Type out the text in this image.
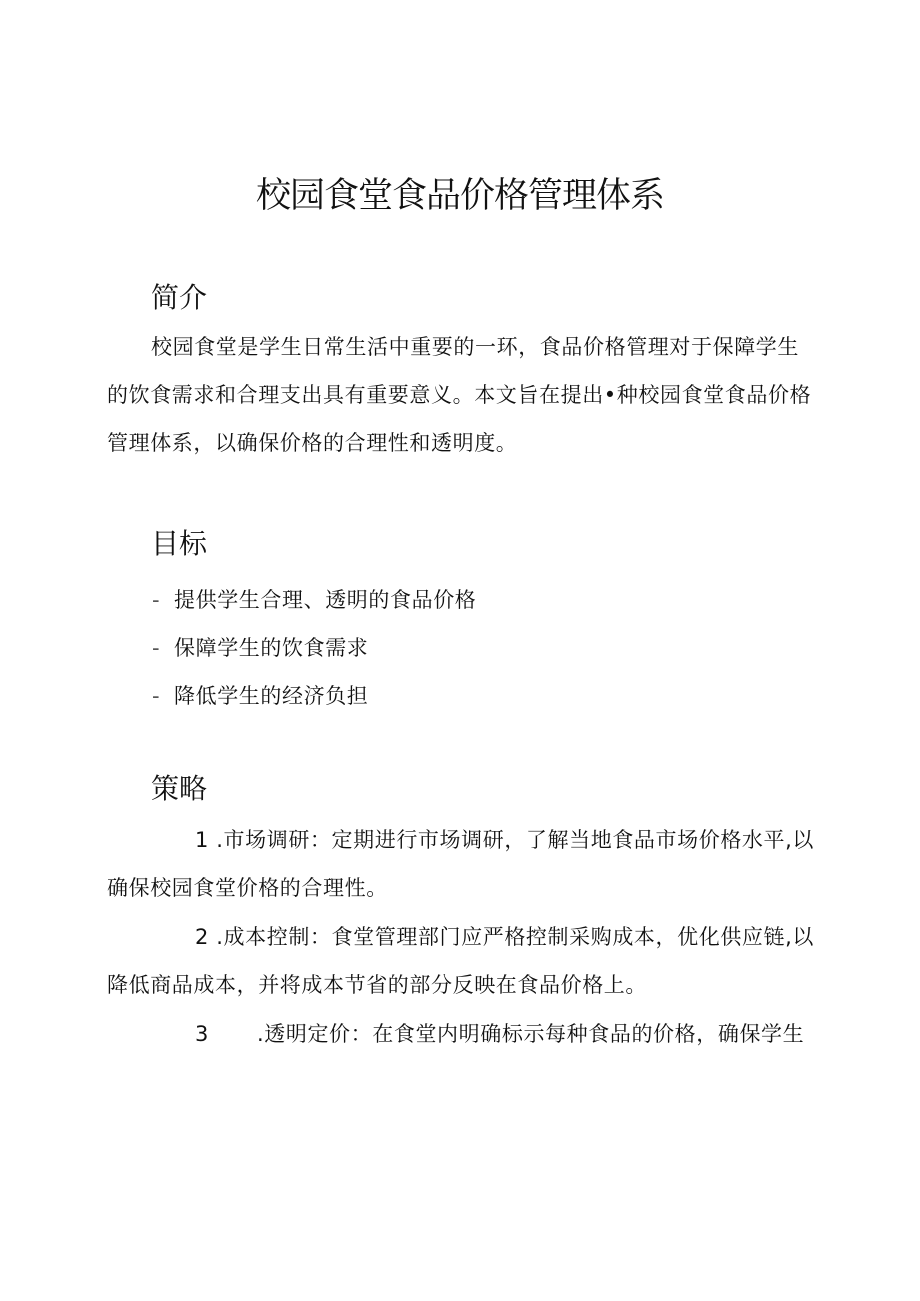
校园食堂食品价格管理体系
简介

校园食堂是学生日常生活中重要的一环，食品价格管理对于保障学生的饮食需求和合理支出具有重要意义。本文旨在提出•种校园食堂食品价格管理体系，以确保价格的合理性和透明度。

目标
- 提供学生合理、透明的食品价格
- 保障学生的饮食需求
- 降低学生的经济负担
策略

1 .市场调研：定期进行市场调研，了解当地食品市场价格水平,以确保校园食堂价格的合理性。

2 .成本控制：食堂管理部门应严格控制采购成本，优化供应链,以降低商品成本，并将成本节省的部分反映在食品价格上。

3 .透明定价：在食堂内明确标示每种食品的价格，确保学生
